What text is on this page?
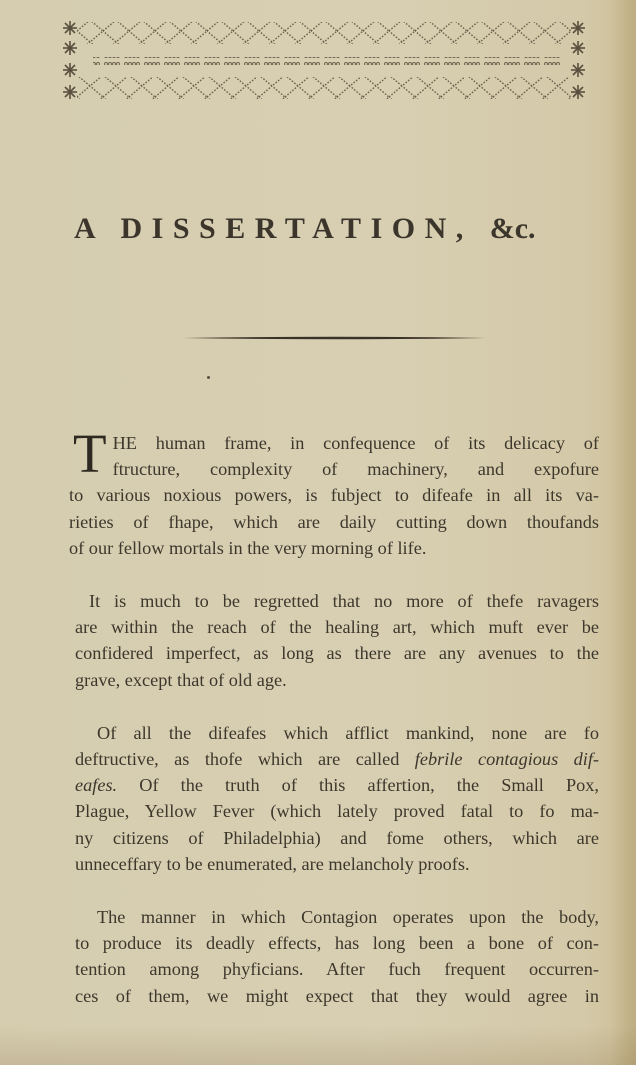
A DISSERTATION, &c.

T HE human frame, in confequence of its delicacy of
ftructure, complexity of machinery, and expofure
to various noxious powers, is fubject to difeafe in all its va-
rieties of fhape, which are daily cutting down thoufands
of our fellow mortals in the very morning of life.

It is much to be regretted that no more of thefe ravagers
are within the reach of the healing art, which muft ever be
confidered imperfect, as long as there are any avenues to the
grave, except that of old age.

Of all the difeafes which afflict mankind, none are fo
deftructive, as thofe which are called febrile contagious dif-
eafes. Of the truth of this affertion, the Small Pox,
Plague, Yellow Fever (which lately proved fatal to fo ma-
ny citizens of Philadelphia) and fome others, which are
unneceffary to be enumerated, are melancholy proofs.

The manner in which Contagion operates upon the body,
to produce its deadly effects, has long been a bone of con-
tention among phyficians. After fuch frequent occurren-
ces of them, we might expect that they would agree in
